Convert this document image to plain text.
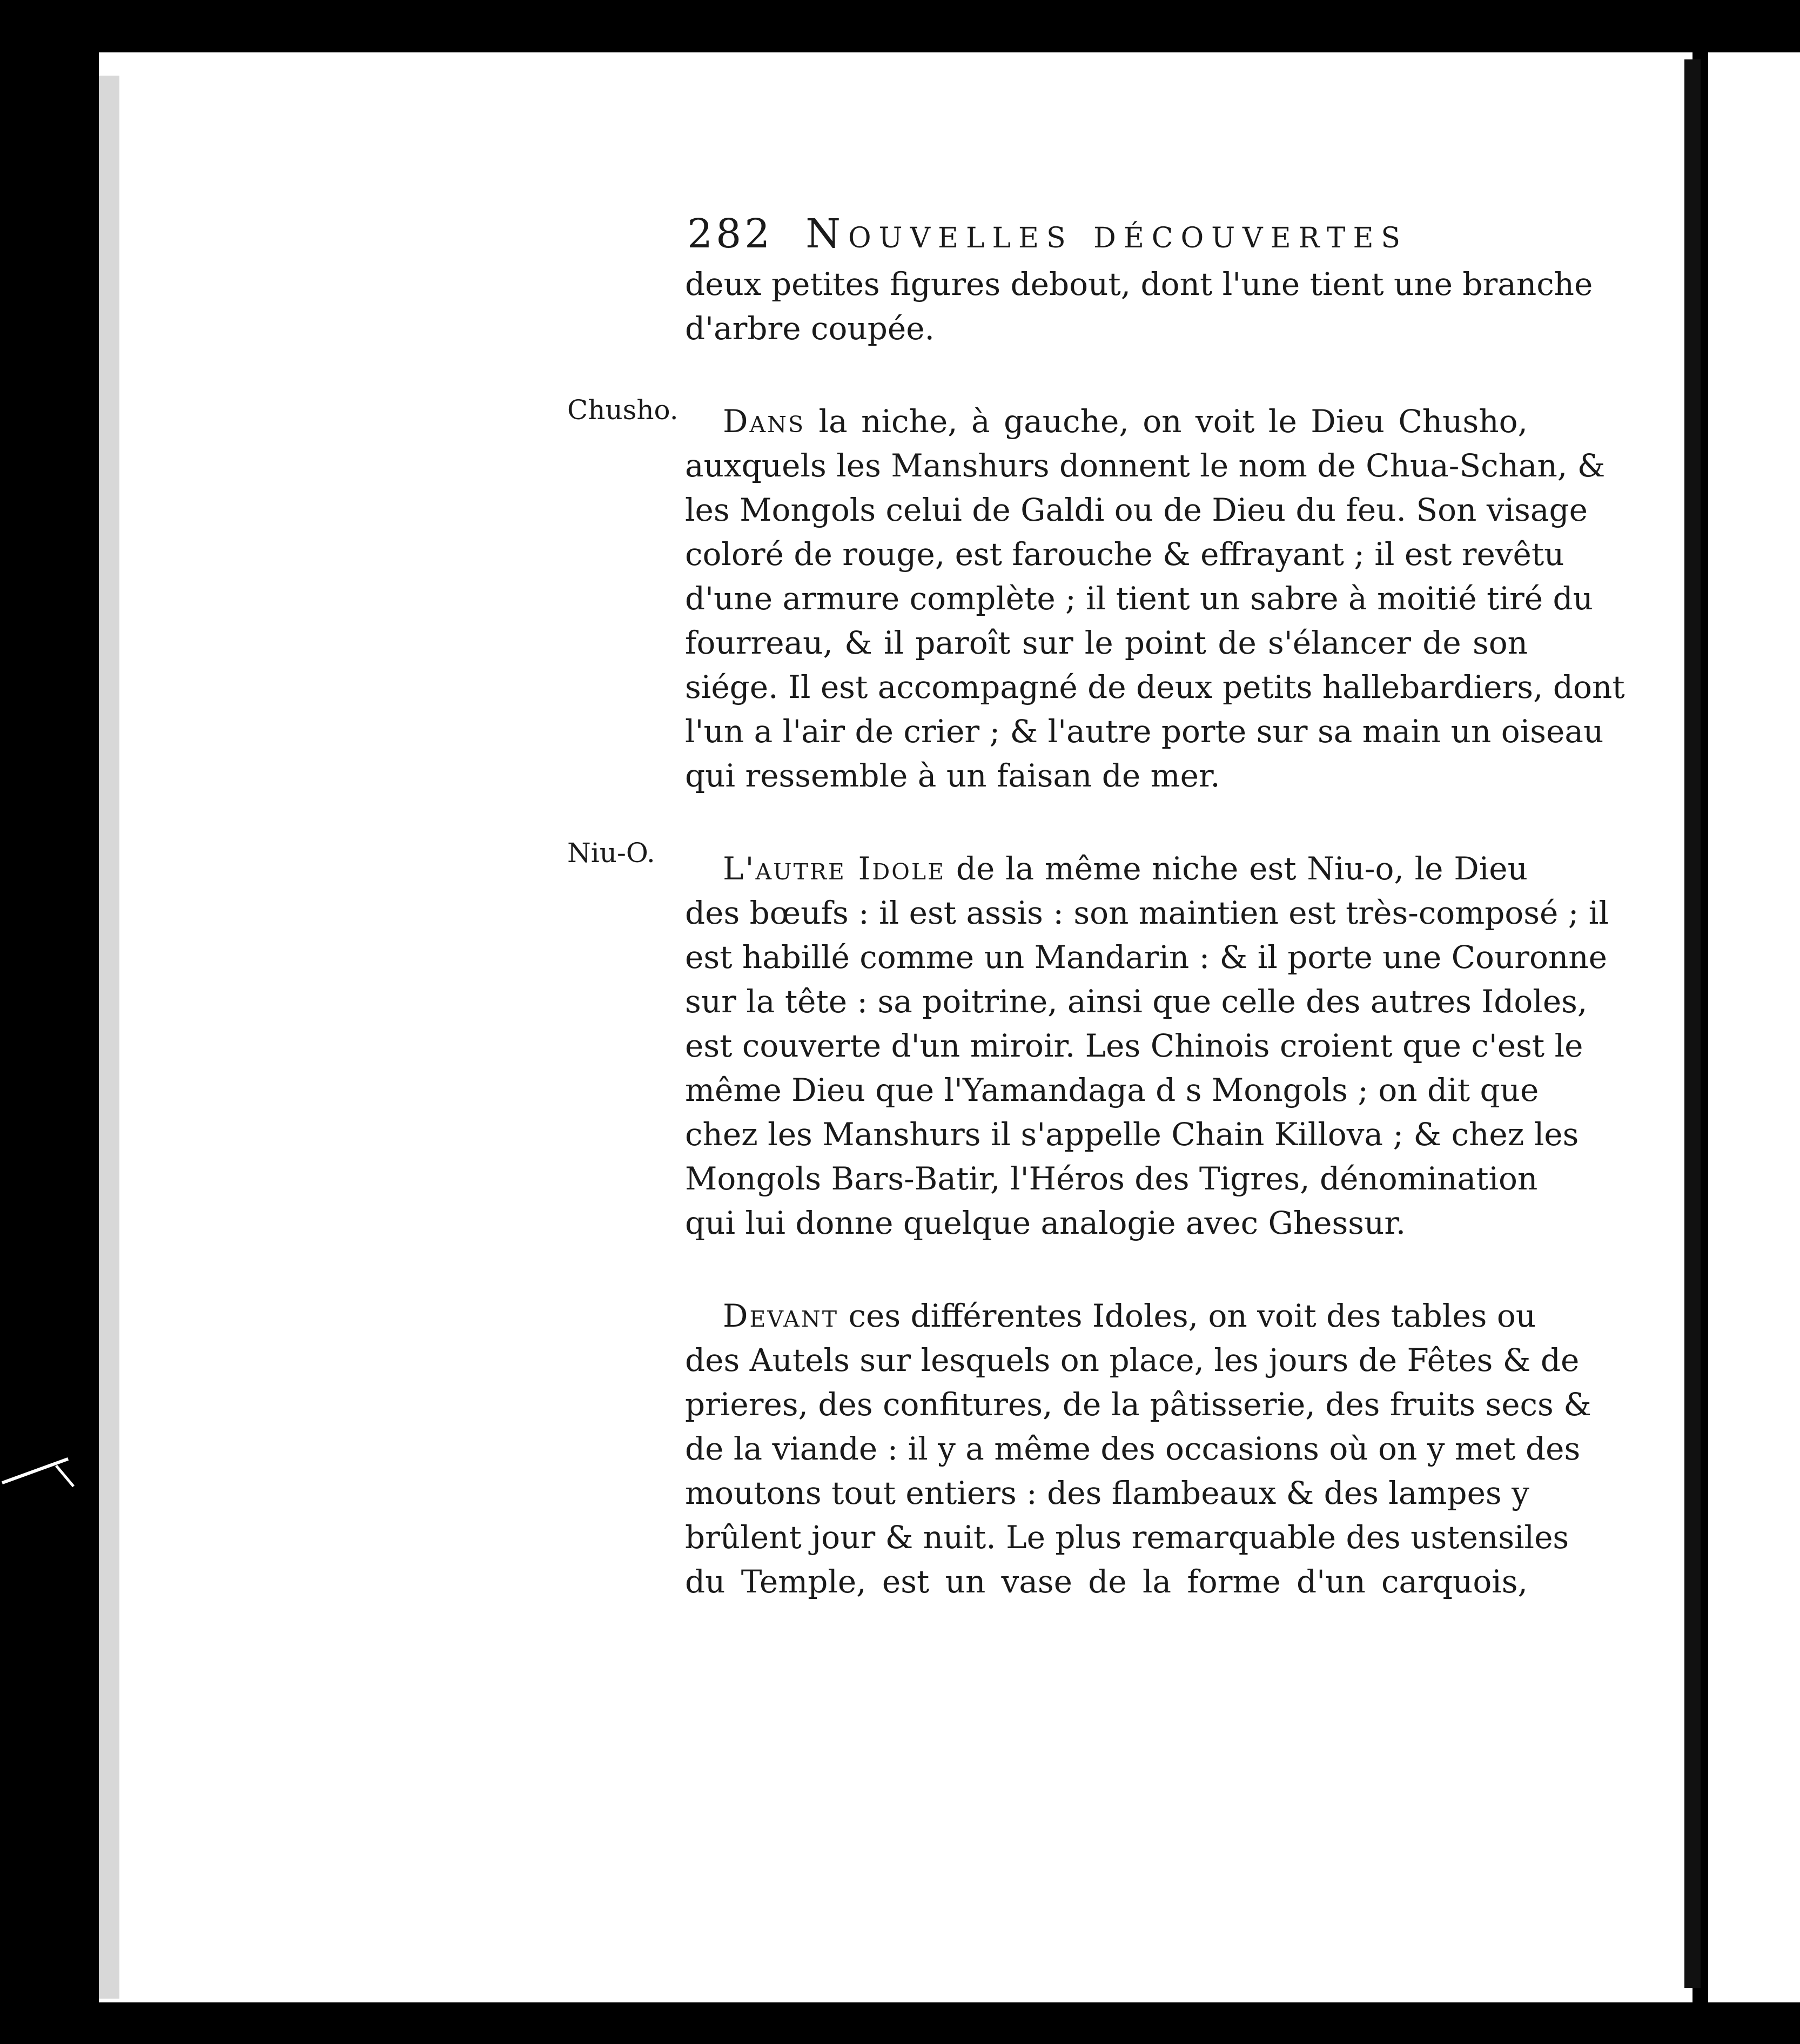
282 Nouvelles découvertes
Chusho.
Niu-O.
deux petites figures debout, dont l'une tient une branche
d'arbre coupée.
Dans la niche, à gauche, on voit le Dieu Chusho,
auxquels les Manshurs donnent le nom de Chua-Schan, &
les Mongols celui de Galdi ou de Dieu du feu. Son visage
coloré de rouge, est farouche & effrayant ; il est revêtu
d'une armure complète ; il tient un sabre à moitié tiré du
fourreau, & il paroît sur le point de s'élancer de son
siége. Il est accompagné de deux petits hallebardiers, dont
l'un a l'air de crier ; & l'autre porte sur sa main un oiseau
qui ressemble à un faisan de mer.
L'autre Idole de la même niche est Niu-o, le Dieu
des bœufs : il est assis : son maintien est très-composé ; il
est habillé comme un Mandarin : & il porte une Couronne
sur la tête : sa poitrine, ainsi que celle des autres Idoles,
est couverte d'un miroir. Les Chinois croient que c'est le
même Dieu que l'Yamandaga d s Mongols ; on dit que
chez les Manshurs il s'appelle Chain Killova ; & chez les
Mongols Bars-Batir, l'Héros des Tigres, dénomination
qui lui donne quelque analogie avec Ghessur.
Devant ces différentes Idoles, on voit des tables ou
des Autels sur lesquels on place, les jours de Fêtes & de
prieres, des confitures, de la pâtisserie, des fruits secs &
de la viande : il y a même des occasions où on y met des
moutons tout entiers : des flambeaux & des lampes y
brûlent jour & nuit. Le plus remarquable des ustensiles
du Temple, est un vase de la forme d'un carquois,
